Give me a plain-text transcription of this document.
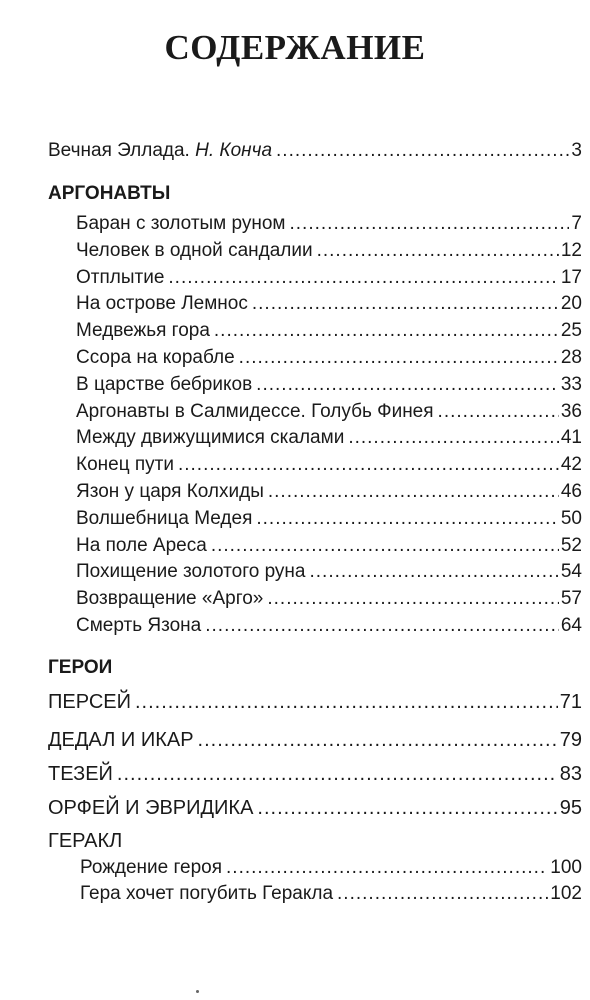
СОДЕРЖАНИЕ
Вечная Эллада. Н. Конча .....	3
АРГОНАВТЫ
Баран с золотым руном .....	7
Человек в одной сандалии .....	12
Отплытие .....	17
На острове Лемнос .....	20
Медвежья гора .....	25
Ссора на корабле .....	28
В царстве бебриков .....	33
Аргонавты в Салмидессе. Голубь Финея .....	36
Между движущимися скалами .....	41
Конец пути .....	42
Язон у царя Колхиды .....	46
Волшебница Медея .....	50
На поле Ареса .....	52
Похищение золотого руна .....	54
Возвращение «Арго» .....	57
Смерть Язона .....	64
ГЕРОИ
ПЕРСЕЙ .....	71
ДЕДАЛ И ИКАР .....	79
ТЕЗЕЙ .....	83
ОРФЕЙ И ЭВРИДИКА .....	95
ГЕРАКЛ
Рождение героя .....	100
Гера хочет погубить Геракла .....	102
